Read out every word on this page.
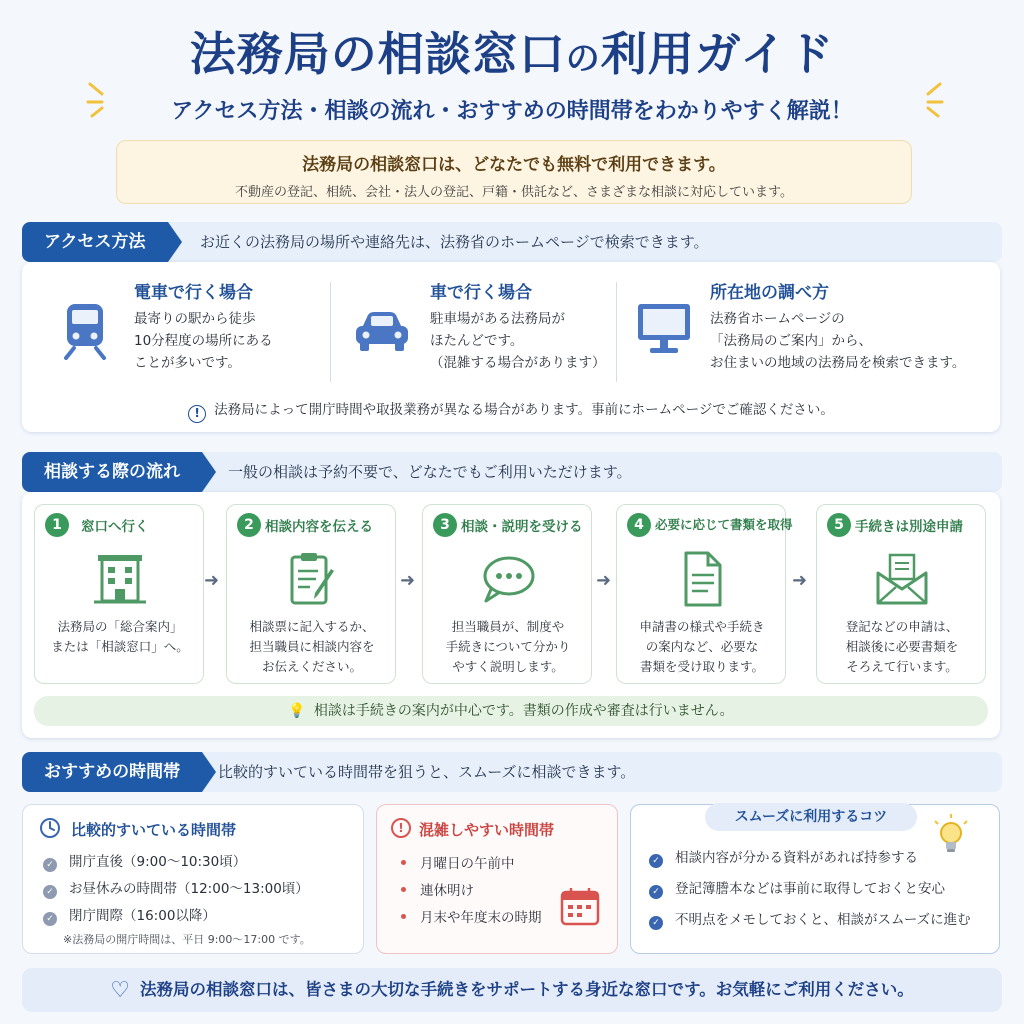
法務局の相談窓口の利用ガイド
アクセス方法・相談の流れ・おすすめの時間帯をわかりやすく解説！
法務局の相談窓口は、どなたでも無料で利用できます。
不動産の登記、相続、会社・法人の登記、戸籍・供託など、さまざまな相談に対応しています。
アクセス方法	お近くの法務局の場所や連絡先は、法務省のホームページで検索できます。
電車で行く場合
最寄りの駅から徒歩
10分程度の場所にある
ことが多いです。
車で行く場合
駐車場がある法務局が
ほたんどです。
（混雑する場合があります）
所在地の調べ方
法務省ホームページの
「法務局のご案内」から、
お住まいの地域の法務局を検索できます。
! 法務局によって開庁時間や取扱業務が異なる場合があります。事前にホームページでご確認ください。
相談する際の流れ	一般の相談は予約不要で、どなたでもご利用いただけます。
1	窓口へ行く
法務局の「総合案内」
または「相談窓口」へ。
➜
2 相談内容を伝える
相談票に記入するか、
担当職員に相談内容を
お伝えください。
➜
3 相談・説明を受ける
担当職員が、制度や
手続きについて分かり
やすく説明します。
➜
4 必要に応じて書類を取得
申請書の様式や手続き
の案内など、必要な
書類を受け取ります。
➜
5 手続きは別途申請
登記などの申請は、
相談後に必要書類を
そろえて行います。
💡 相談は手続きの案内が中心です。書類の作成や審査は行いません。
おすすめの時間帯	比較的すいている時間帯を狙うと、スムーズに相談できます。
比較的すいている時間帯
✓ 開庁直後（9:00〜10:30頃）
✓ お昼休みの時間帯（12:00〜13:00頃）
✓ 閉庁間際（16:00以降）
※法務局の開庁時間は、平日 9:00〜17:00 です。
!	混雑しやすい時間帯
月曜日の午前中
連休明け
月末や年度末の時期
スムーズに利用するコツ
✓ 相談内容が分かる資料があれば持参する
✓ 登記簿謄本などは事前に取得しておくと安心
✓ 不明点をメモしておくと、相談がスムーズに進む
♡ 法務局の相談窓口は、皆さまの大切な手続きをサポートする身近な窓口です。お気軽にご利用ください。
